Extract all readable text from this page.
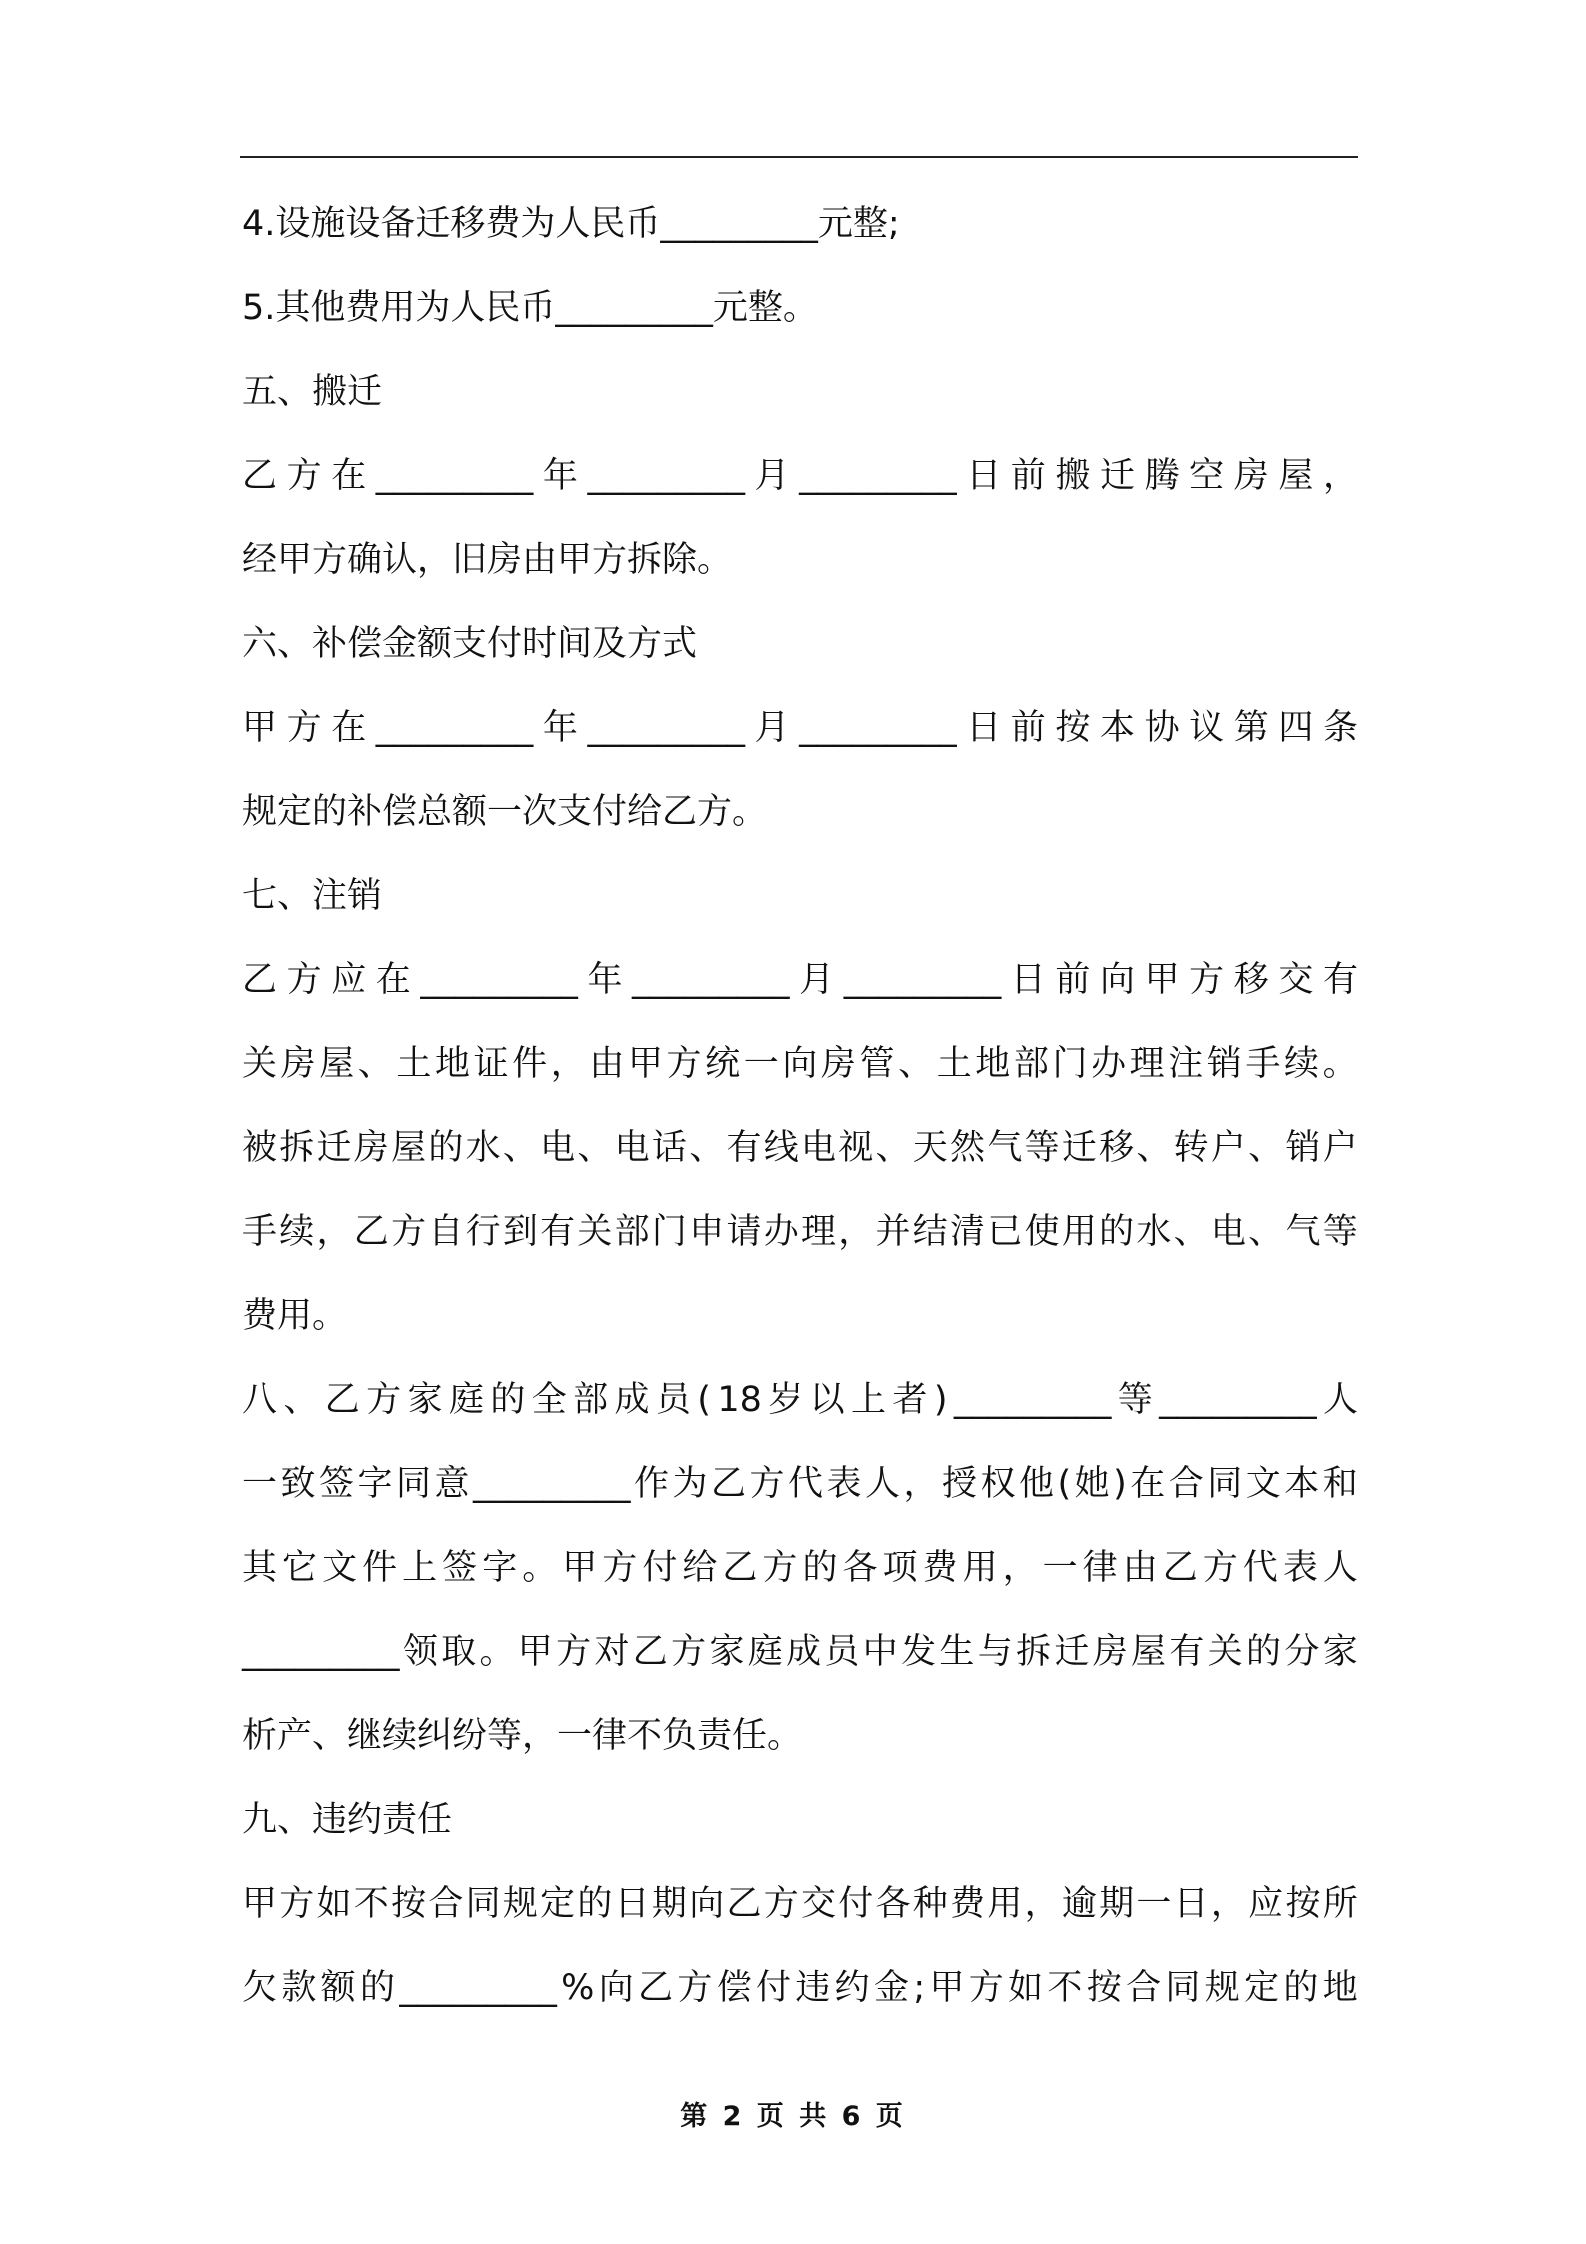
4.设施设备迁移费为人民币_________元整;
5.其他费用为人民币_________元整。
五、搬迁
乙 方 在 _________ 年 _________ 月 _________ 日 前 搬 迁 腾 空 房 屋 ，
经甲方确认，旧房由甲方拆除。
六、补偿金额支付时间及方式
甲 方 在 _________ 年 _________ 月 _________ 日 前 按 本 协 议 第 四 条
规定的补偿总额一次支付给乙方。
七、注销
乙 方 应 在 _________ 年 _________ 月 _________ 日 前 向 甲 方 移 交 有
关 房 屋 、 土 地 证 件 ， 由 甲 方 统 一 向 房 管 、 土 地 部 门 办 理 注 销 手 续 。
被 拆 迁 房 屋 的 水 、 电 、 电 话 、 有 线 电 视 、 天 然 气 等 迁 移 、 转 户 、 销 户
手 续 ， 乙 方 自 行 到 有 关 部 门 申 请 办 理 ， 并 结 清 已 使 用 的 水 、 电 、 气 等
费用。
八 、 乙 方 家 庭 的 全 部 成 员 ( 18 岁 以 上 者 ) _________ 等 _________ 人
一 致 签 字 同 意 _________ 作 为 乙 方 代 表 人 ， 授 权 他 ( 她 ) 在 合 同 文 本 和
其 它 文 件 上 签 字 。 甲 方 付 给 乙 方 的 各 项 费 用 ， 一 律 由 乙 方 代 表 人
_________ 领 取 。 甲 方 对 乙 方 家 庭 成 员 中 发 生 与 拆 迁 房 屋 有 关 的 分 家
析产、继续纠纷等，一律不负责任。
九、违约责任
甲 方 如 不 按 合 同 规 定 的 日 期 向 乙 方 交 付 各 种 费 用 ， 逾 期 一 日 ， 应 按 所
欠 款 额 的 _________ % 向 乙 方 偿 付 违 约 金 ; 甲 方 如 不 按 合 同 规 定 的 地
第 2 页 共 6 页
